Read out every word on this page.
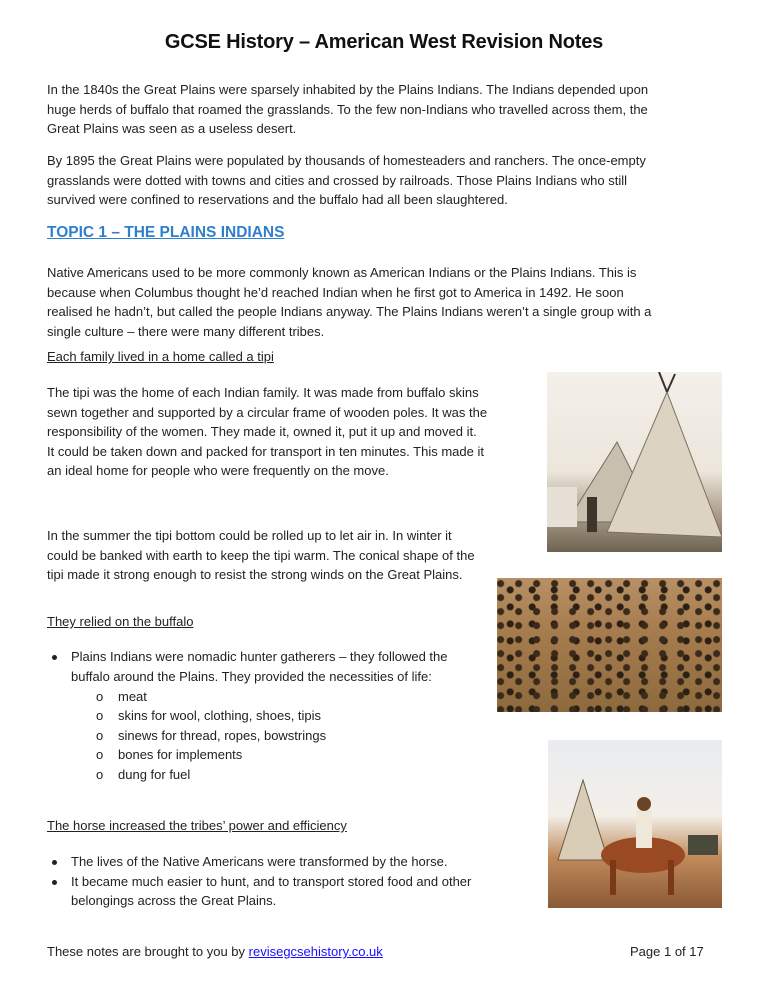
GCSE History – American West Revision Notes
In the 1840s the Great Plains were sparsely inhabited by the Plains Indians. The Indians depended upon
huge herds of buffalo that roamed the grasslands. To the few non-Indians who travelled across them, the
Great Plains was seen as a useless desert.
By 1895 the Great Plains were populated by thousands of homesteaders and ranchers. The once-empty
grasslands were dotted with towns and cities and crossed by railroads. Those Plains Indians who still
survived were confined to reservations and the buffalo had all been slaughtered.
TOPIC 1 – THE PLAINS INDIANS
Native Americans used to be more commonly known as American Indians or the Plains Indians. This is
because when Columbus thought he’d reached Indian when he first got to America in 1492. He soon
realised he hadn’t, but called the people Indians anyway. The Plains Indians weren’t a single group with a
single culture – there were many different tribes.
Each family lived in a home called a tipi
The tipi was the home of each Indian family. It was made from buffalo skins
sewn together and supported by a circular frame of wooden poles. It was the
responsibility of the women. They made it, owned it, put it up and moved it.
It could be taken down and packed for transport in ten minutes. This made it
an ideal home for people who were frequently on the move.
In the summer the tipi bottom could be rolled up to let air in. In winter it
could be banked with earth to keep the tipi warm. The conical shape of the
tipi made it strong enough to resist the strong winds on the Great Plains.
They relied on the buffalo
Plains Indians were nomadic hunter gatherers – they followed the
buffalo around the Plains. They provided the necessities of life:
o meat
o skins for wool, clothing, shoes, tipis
o sinews for thread, ropes, bowstrings
o bones for implements
o dung for fuel
The horse increased the tribes’ power and efficiency
The lives of the Native Americans were transformed by the horse.
It became much easier to hunt, and to transport stored food and other
belongings across the Great Plains.
These notes are brought to you by revisegcsehistory.co.uk	Page 1 of 17
